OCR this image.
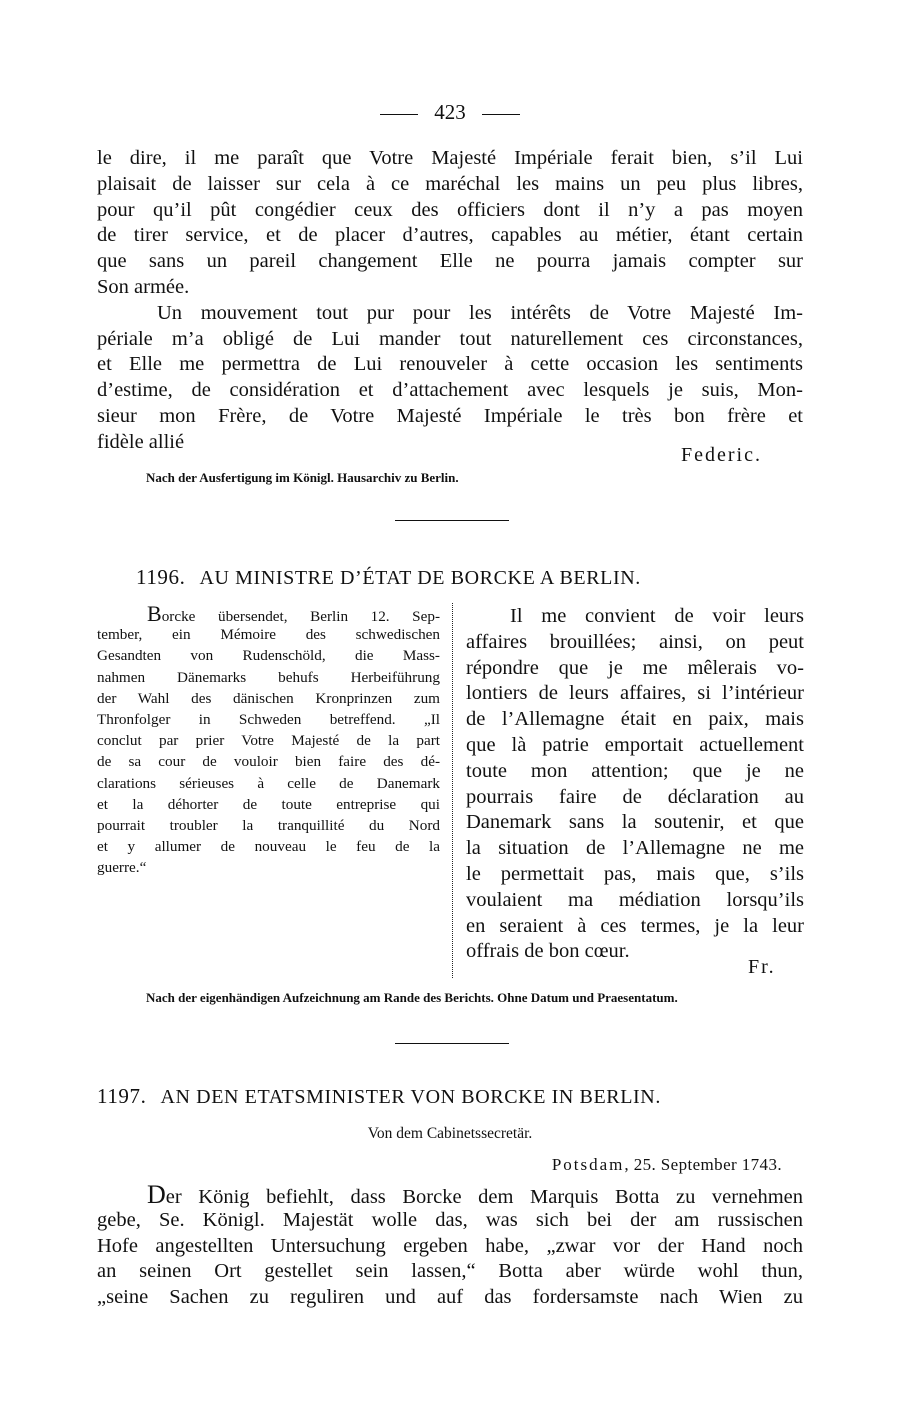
423
le dire, il me paraît que Votre Majesté Impériale ferait bien, s’il Lui
plaisait de laisser sur cela à ce maréchal les mains un peu plus libres,
pour qu’il pût congédier ceux des officiers dont il n’y a pas moyen
de tirer service, et de placer d’autres, capables au métier, étant certain
que sans un pareil changement Elle ne pourra jamais compter sur
Son armée.
Un mouvement tout pur pour les intérêts de Votre Majesté Im-
périale m’a obligé de Lui mander tout naturellement ces circonstances,
et Elle me permettra de Lui renouveler à cette occasion les sentiments
d’estime, de considération et d’attachement avec lesquels je suis, Mon-
sieur mon Frère, de Votre Majesté Impériale le très bon frère et
fidèle allié
Federic.
Nach der Ausfertigung im Königl. Hausarchiv zu Berlin.
1196. AU MINISTRE D’ÉTAT DE BORCKE A BERLIN.
Borcke übersendet, Berlin 12. Sep-
tember, ein Mémoire des schwedischen
Gesandten von Rudenschöld, die Mass-
nahmen Dänemarks behufs Herbeiführung
der Wahl des dänischen Kronprinzen zum
Thronfolger in Schweden betreffend. „Il
conclut par prier Votre Majesté de la part
de sa cour de vouloir bien faire des dé-
clarations sérieuses à celle de Danemark
et la déhorter de toute entreprise qui
pourrait troubler la tranquillité du Nord
et y allumer de nouveau le feu de la
guerre.“
Il me convient de voir leurs
affaires brouillées; ainsi, on peut
répondre que je me mêlerais vo-
lontiers de leurs affaires, si l’intérieur
de l’Allemagne était en paix, mais
que là patrie emportait actuellement
toute mon attention; que je ne
pourrais faire de déclaration au
Danemark sans la soutenir, et que
la situation de l’Allemagne ne me
le permettait pas, mais que, s’ils
voulaient ma médiation lorsqu’ils
en seraient à ces termes, je la leur
offrais de bon cœur.
Fr.
Nach der eigenhändigen Aufzeichnung am Rande des Berichts. Ohne Datum und Praesentatum.
1197. AN DEN ETATSMINISTER VON BORCKE IN BERLIN.
Von dem Cabinetssecretär.
Potsdam, 25. September 1743.
Der König befiehlt, dass Borcke dem Marquis Botta zu vernehmen
gebe, Se. Königl. Majestät wolle das, was sich bei der am russischen
Hofe angestellten Untersuchung ergeben habe, „zwar vor der Hand noch
an seinen Ort gestellet sein lassen,“ Botta aber würde wohl thun,
„seine Sachen zu reguliren und auf das fordersamste nach Wien zu
